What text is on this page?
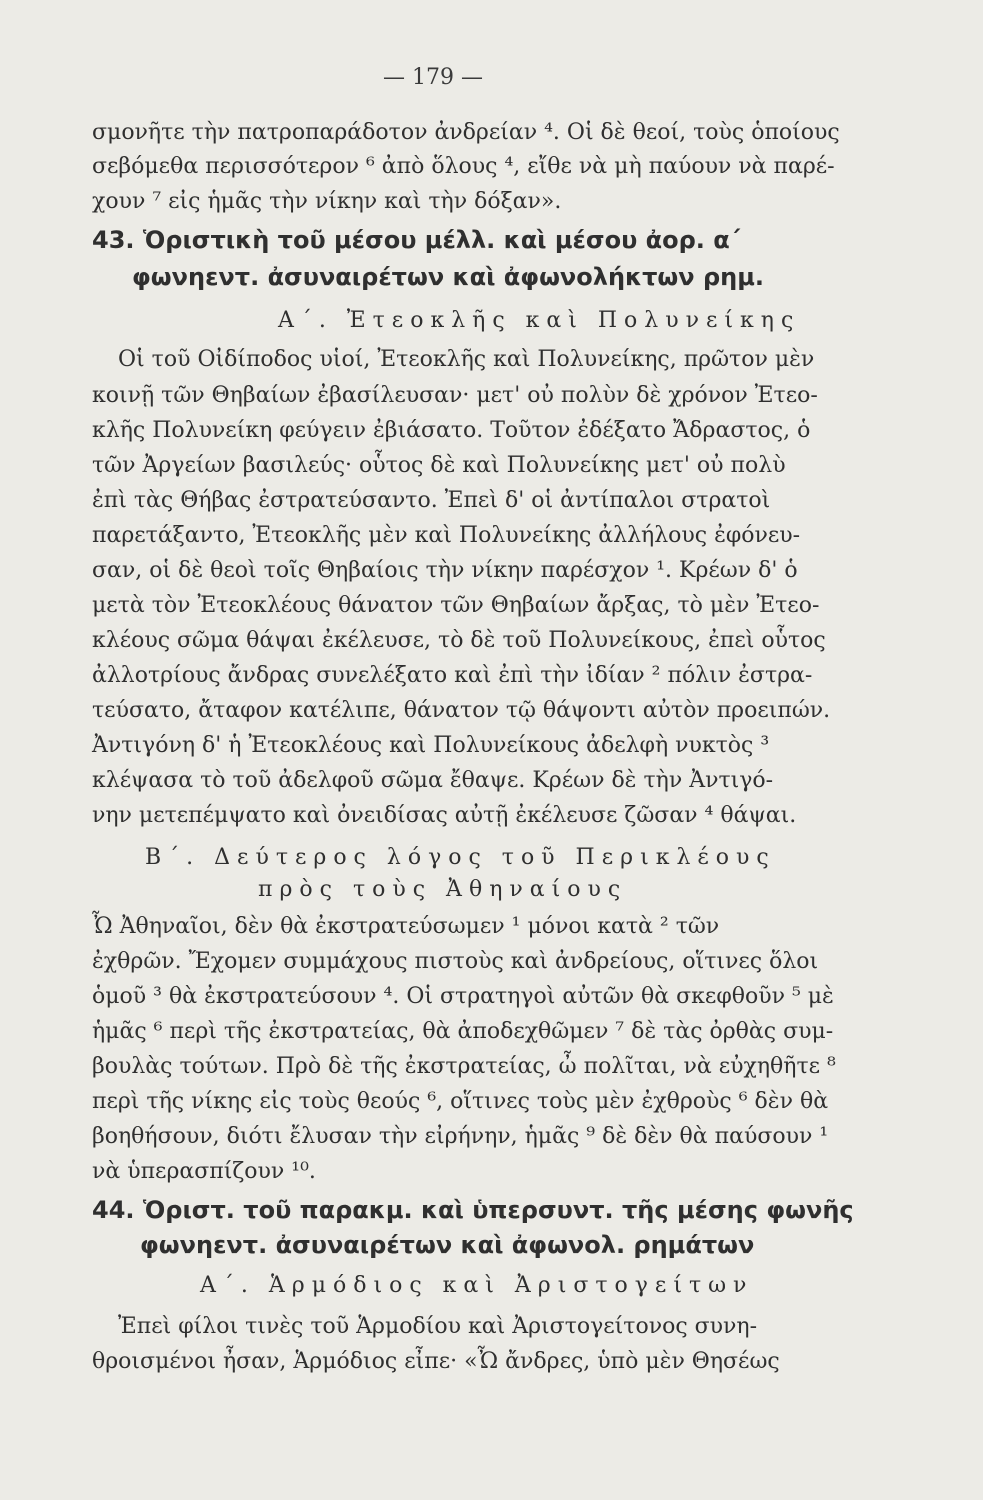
— 179 —
σμονῆτε τὴν πατροπαράδοτον ἀνδρείαν ⁴. Οἱ δὲ θεοί, τοὺς ὁποίους
σεβόμεθα περισσότερον ⁶ ἀπὸ ὅλους ⁴, εἴθε νὰ μὴ παύουν νὰ παρέ-
χουν ⁷ εἰς ἡμᾶς τὴν νίκην καὶ τὴν δόξαν».
43. Ὁριστικὴ τοῦ μέσου μέλλ. καὶ μέσου ἀορ. α΄
φωνηεντ. ἀσυναιρέτων καὶ ἀφωνολήκτων ρημ.
Α΄. Ἐτεοκλῆς καὶ Πολυνείκης
Οἱ τοῦ Οἰδίποδος υἱοί, Ἐτεοκλῆς καὶ Πολυνείκης, πρῶτον μὲν
κοινῇ τῶν Θηβαίων ἐβασίλευσαν· μετ' οὐ πολὺν δὲ χρόνον Ἐτεο-
κλῆς Πολυνείκη φεύγειν ἐβιάσατο. Τοῦτον ἐδέξατο Ἄδραστος, ὁ
τῶν Ἀργείων βασιλεύς· οὗτος δὲ καὶ Πολυνείκης μετ' οὐ πολὺ
ἐπὶ τὰς Θήβας ἐστρατεύσαντο. Ἐπεὶ δ' οἱ ἀντίπαλοι στρατοὶ
παρετάξαντο, Ἐτεοκλῆς μὲν καὶ Πολυνείκης ἀλλήλους ἐφόνευ-
σαν, οἱ δὲ θεοὶ τοῖς Θηβαίοις τὴν νίκην παρέσχον ¹. Κρέων δ' ὁ
μετὰ τὸν Ἐτεοκλέους θάνατον τῶν Θηβαίων ἄρξας, τὸ μὲν Ἐτεο-
κλέους σῶμα θάψαι ἐκέλευσε, τὸ δὲ τοῦ Πολυνείκους, ἐπεὶ οὗτος
ἀλλοτρίους ἄνδρας συνελέξατο καὶ ἐπὶ τὴν ἰδίαν ² πόλιν ἐστρα-
τεύσατο, ἄταφον κατέλιπε, θάνατον τῷ θάψοντι αὐτὸν προειπών.
Ἀντιγόνη δ' ἡ Ἐτεοκλέους καὶ Πολυνείκους ἀδελφὴ νυκτὸς ³
κλέψασα τὸ τοῦ ἀδελφοῦ σῶμα ἔθαψε. Κρέων δὲ τὴν Ἀντιγό-
νην μετεπέμψατο καὶ ὀνειδίσας αὐτῇ ἐκέλευσε ζῶσαν ⁴ θάψαι.
Β΄. Δεύτερος λόγος τοῦ Περικλέους
πρὸς τοὺς Ἀθηναίους
Ὦ Ἀθηναῖοι, δὲν θὰ ἐκστρατεύσωμεν ¹ μόνοι κατὰ ² τῶν
ἐχθρῶν. Ἔχομεν συμμάχους πιστοὺς καὶ ἀνδρείους, οἵτινες ὅλοι
ὁμοῦ ³ θὰ ἐκστρατεύσουν ⁴. Οἱ στρατηγοὶ αὐτῶν θὰ σκεφθοῦν ⁵ μὲ
ἡμᾶς ⁶ περὶ τῆς ἐκστρατείας, θὰ ἀποδεχθῶμεν ⁷ δὲ τὰς ὀρθὰς συμ-
βουλὰς τούτων. Πρὸ δὲ τῆς ἐκστρατείας, ὦ πολῖται, νὰ εὐχηθῆτε ⁸
περὶ τῆς νίκης εἰς τοὺς θεούς ⁶, οἵτινες τοὺς μὲν ἐχθροὺς ⁶ δὲν θὰ
βοηθήσουν, διότι ἔλυσαν τὴν εἰρήνην, ἡμᾶς ⁹ δὲ δὲν θὰ παύσουν ¹
νὰ ὑπερασπίζουν ¹⁰.
44. Ὁριστ. τοῦ παρακμ. καὶ ὑπερσυντ. τῆς μέσης φωνῆς
φωνηεντ. ἀσυναιρέτων καὶ ἀφωνολ. ρημάτων
Α΄. Ἁρμόδιος καὶ Ἀριστογείτων
Ἐπεὶ φίλοι τινὲς τοῦ Ἁρμοδίου καὶ Ἀριστογείτονος συνη-
θροισμένοι ἦσαν, Ἁρμόδιος εἶπε· «Ὦ ἄνδρες, ὑπὸ μὲν Θησέως
